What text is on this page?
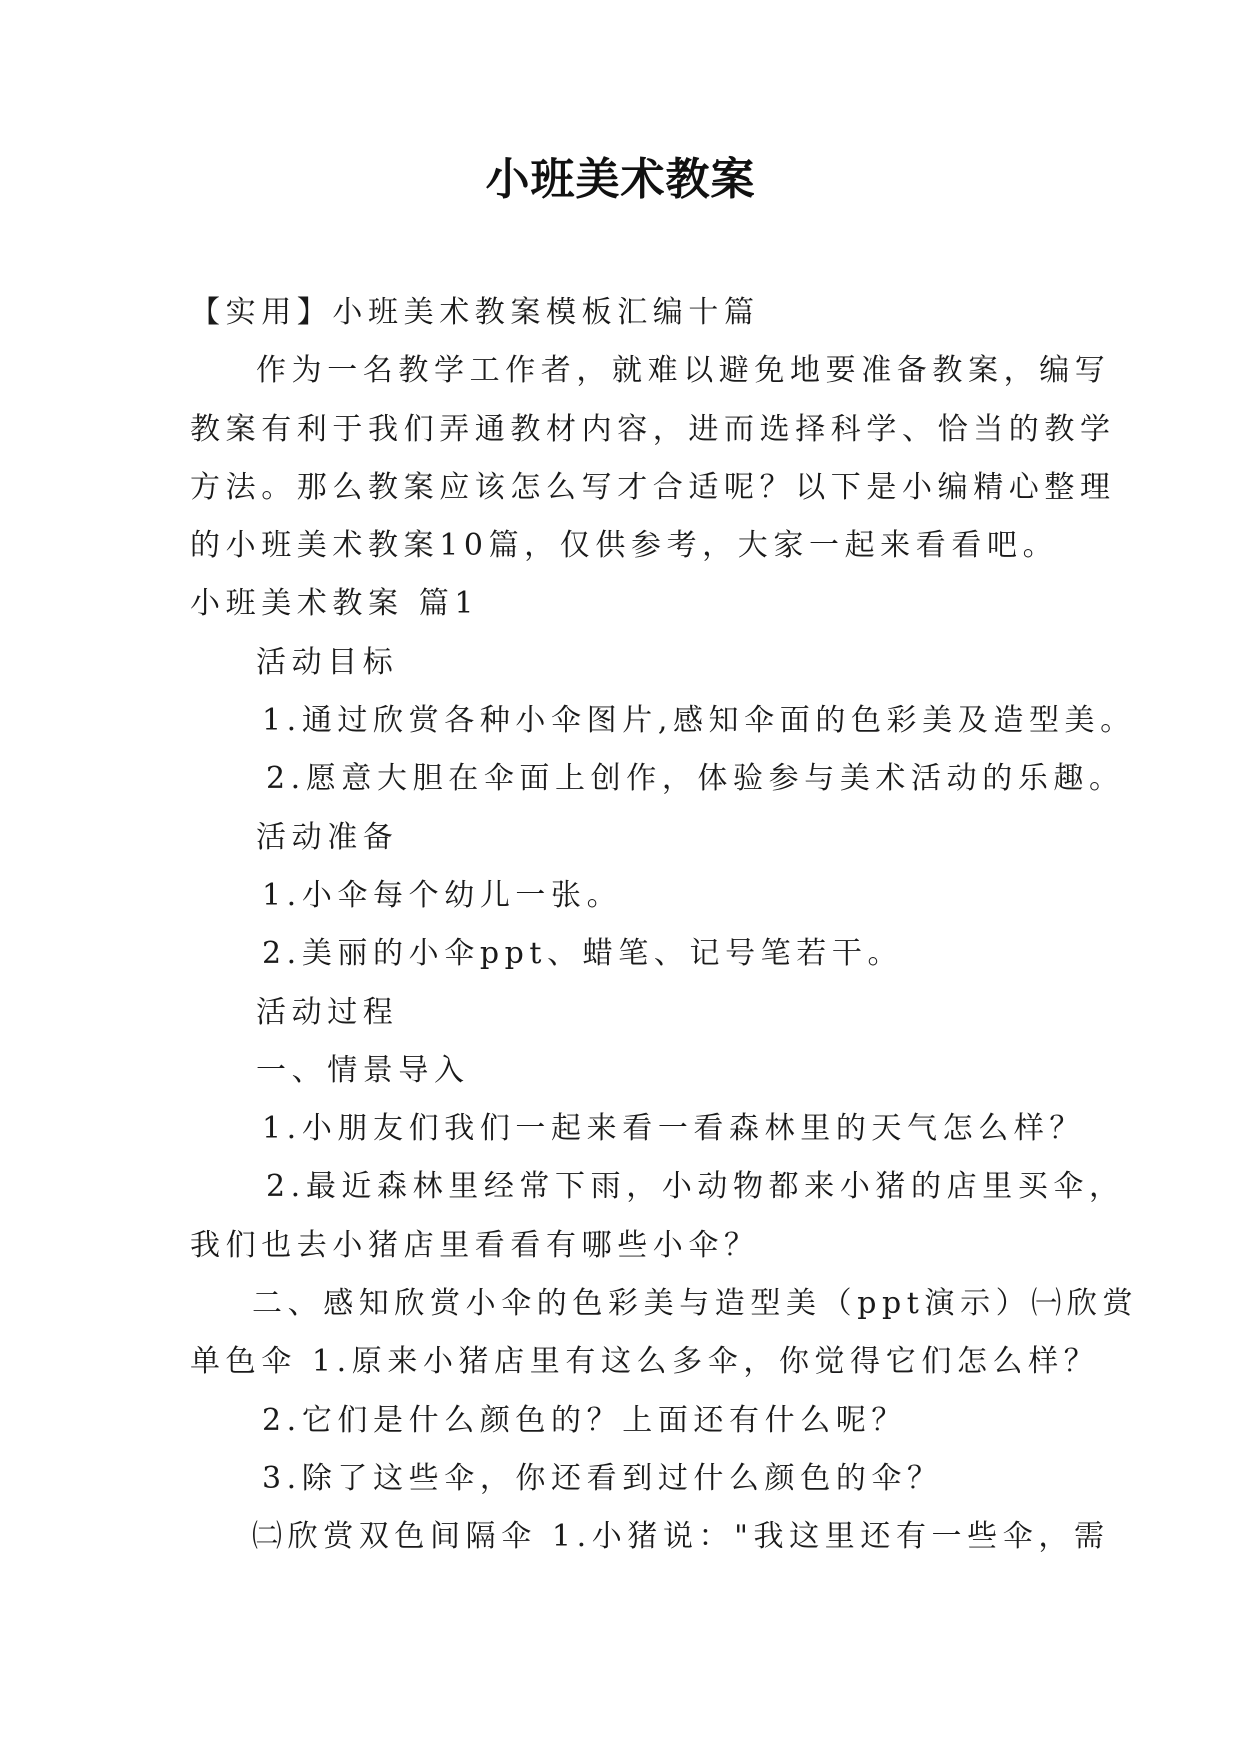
小班美术教案
【实用】小班美术教案模板汇编十篇
作为一名教学工作者，就难以避免地要准备教案，编写
教案有利于我们弄通教材内容，进而选择科学、恰当的教学
方法。那么教案应该怎么写才合适呢？以下是小编精心整理
的小班美术教案10篇，仅供参考，大家一起来看看吧。
小班美术教案 篇1
活动目标
1.通过欣赏各种小伞图片,感知伞面的色彩美及造型美。
2.愿意大胆在伞面上创作，体验参与美术活动的乐趣。
活动准备
1.小伞每个幼儿一张。
2.美丽的小伞ppt、蜡笔、记号笔若干。
活动过程
一、情景导入
1.小朋友们我们一起来看一看森林里的天气怎么样？
2.最近森林里经常下雨，小动物都来小猪的店里买伞，
我们也去小猪店里看看有哪些小伞？
二、感知欣赏小伞的色彩美与造型美（ppt演示）㈠欣赏
单色伞 1.原来小猪店里有这么多伞，你觉得它们怎么样？
2.它们是什么颜色的？上面还有什么呢？
3.除了这些伞，你还看到过什么颜色的伞？
㈡欣赏双色间隔伞 1.小猪说："我这里还有一些伞，需
